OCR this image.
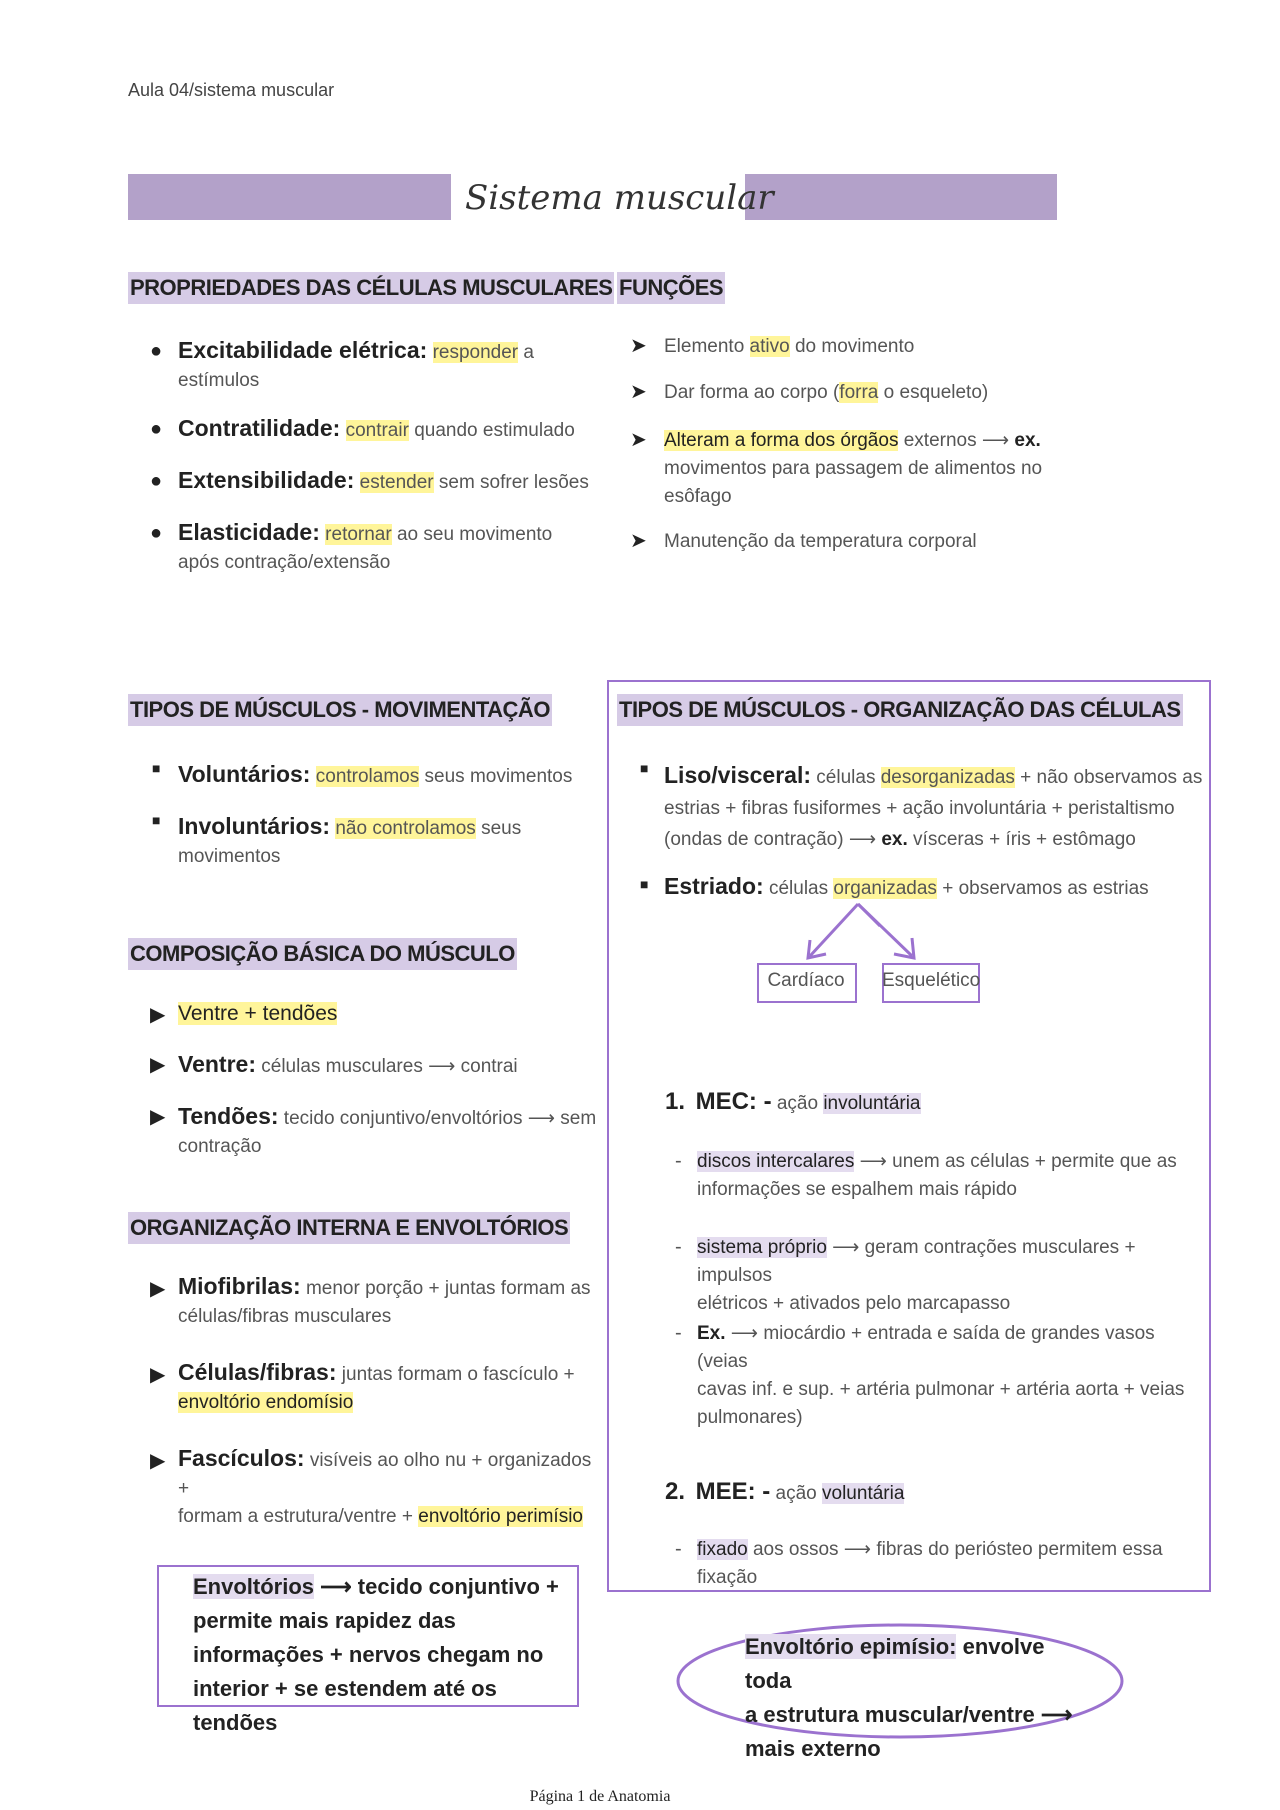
Aula 04/sistema muscular
Sistema muscular
PROPRIEDADES DAS CÉLULAS MUSCULARES
● Excitabilidade elétrica: responder a
estímulos
● Contratilidade: contrair quando estimulado
● Extensibilidade: estender sem sofrer lesões
● Elasticidade: retornar ao seu movimento
após contração/extensão
FUNÇÕES
➤ Elemento ativo do movimento
➤ Dar forma ao corpo (forra o esqueleto)
➤ Alteram a forma dos órgãos externos ⟶ ex.
movimentos para passagem de alimentos no
esôfago
➤ Manutenção da temperatura corporal
TIPOS DE MÚSCULOS - MOVIMENTAÇÃO
■ Voluntários: controlamos seus movimentos
■ Involuntários: não controlamos seus
movimentos
COMPOSIÇÃO BÁSICA DO MÚSCULO
▶ Ventre + tendões
▶ Ventre: células musculares ⟶ contrai
▶ Tendões: tecido conjuntivo/envoltórios ⟶ sem
contração
ORGANIZAÇÃO INTERNA E ENVOLTÓRIOS
▶ Miofibrilas: menor porção + juntas formam as
células/fibras musculares
▶ Células/fibras: juntas formam o fascículo +
envoltório endomísio
▶ Fascículos: visíveis ao olho nu + organizados +
formam a estrutura/ventre + envoltório perimísio
Envoltórios ⟶ tecido conjuntivo +
permite mais rapidez das
informações + nervos chegam no
interior + se estendem até os tendões
TIPOS DE MÚSCULOS - ORGANIZAÇÃO DAS CÉLULAS
■ Liso/visceral: células desorganizadas + não observamos as
estrias + fibras fusiformes + ação involuntária + peristaltismo
(ondas de contração) ⟶ ex. vísceras + íris + estômago
■ Estriado: células organizadas + observamos as estrias
Cardíaco	Esquelético
1. MEC: - ação involuntária
- discos intercalares ⟶ unem as células + permite que as
informações se espalhem mais rápido
- sistema próprio ⟶ geram contrações musculares + impulsos
elétricos + ativados pelo marcapasso
- Ex. ⟶ miocárdio + entrada e saída de grandes vasos (veias
cavas inf. e sup. + artéria pulmonar + artéria aorta + veias
pulmonares)
2. MEE: - ação voluntária
- fixado aos ossos ⟶ fibras do periósteo permitem essa fixação
Envoltório epimísio: envolve toda
a estrutura muscular/ventre ⟶
mais externo
Página 1 de Anatomia
